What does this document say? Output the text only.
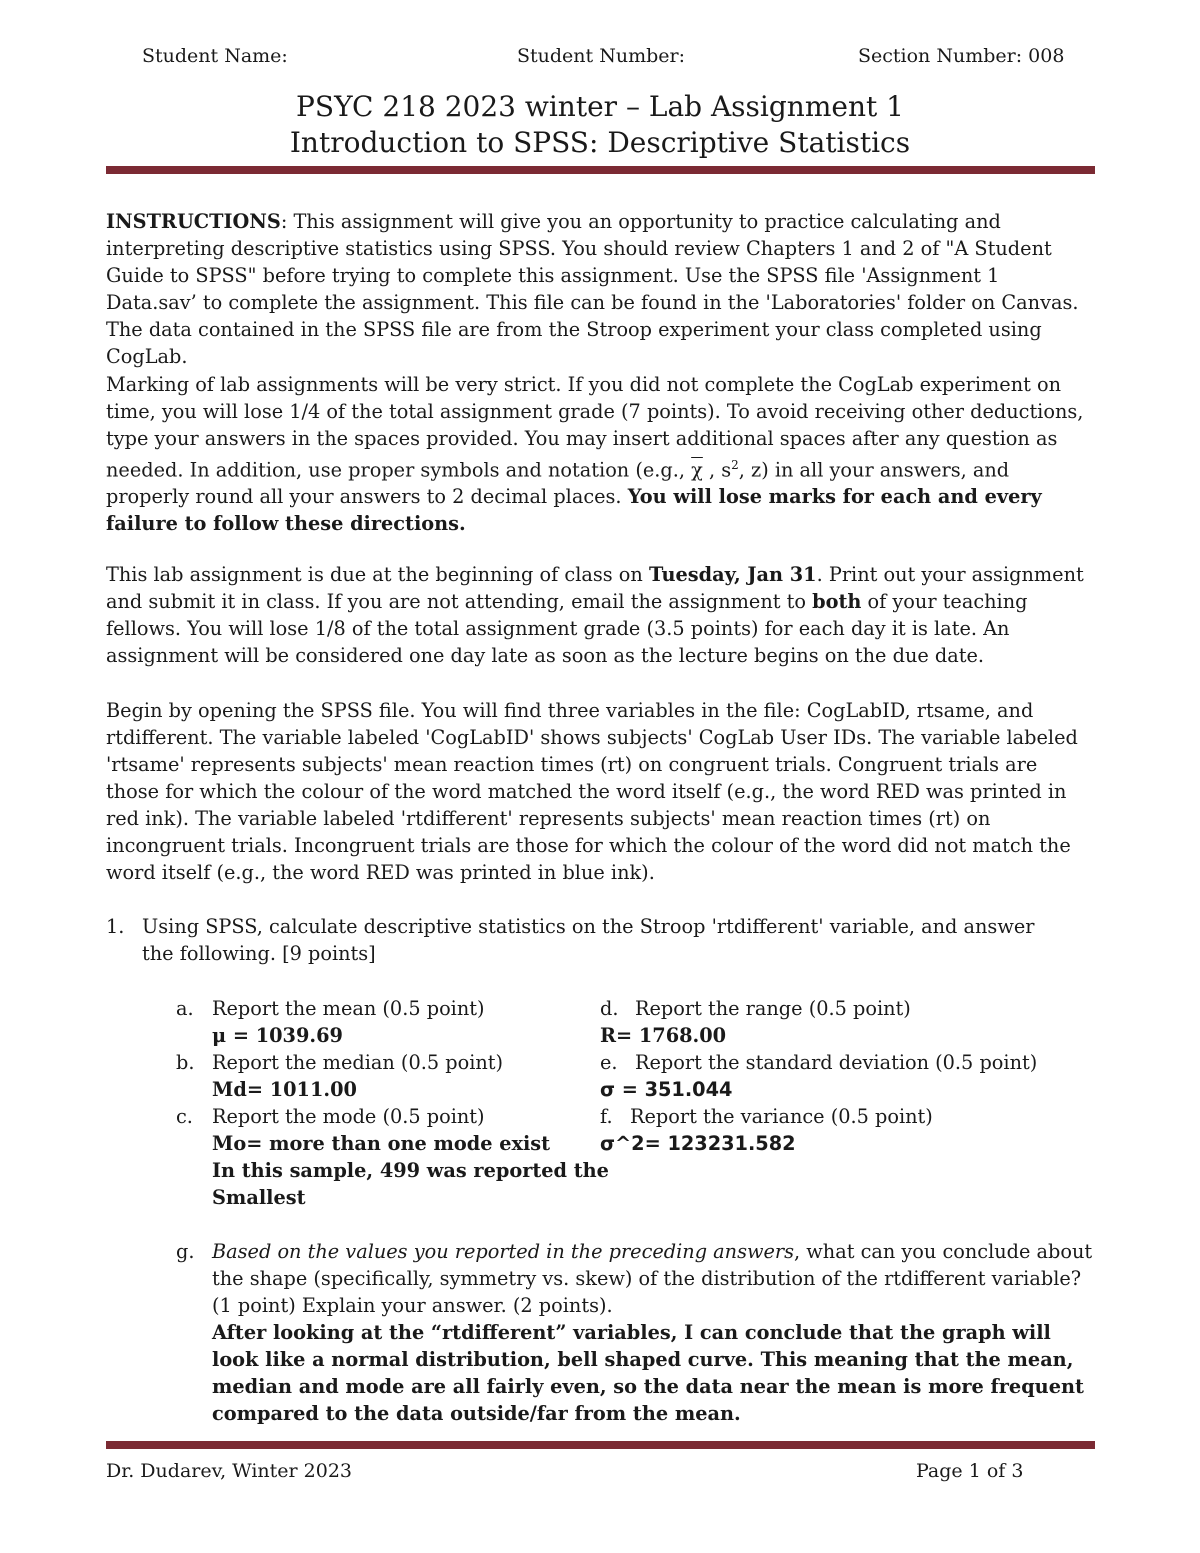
Student Name:	Student Number:	Section Number: 008
PSYC 218 2023 winter – Lab Assignment 1
Introduction to SPSS: Descriptive Statistics

INSTRUCTIONS: This assignment will give you an opportunity to practice calculating and interpreting descriptive statistics using SPSS. You should review Chapters 1 and 2 of "A Student Guide to SPSS" before trying to complete this assignment. Use the SPSS file 'Assignment 1 Data.sav’ to complete the assignment. This file can be found in the 'Laboratories' folder on Canvas. The data contained in the SPSS file are from the Stroop experiment your class completed using CogLab.

Marking of lab assignments will be very strict. If you did not complete the CogLab experiment on time, you will lose 1/4 of the total assignment grade (7 points). To avoid receiving other deductions, type your answers in the spaces provided. You may insert additional spaces after any question as needed. In addition, use proper symbols and notation (e.g., $\overline{\chi}$ , $s^2$, z) in all your answers, and properly round all your answers to 2 decimal places. You will lose marks for each and every failure to follow these directions.

This lab assignment is due at the beginning of class on Tuesday, Jan 31. Print out your assignment and submit it in class. If you are not attending, email the assignment to both of your teaching fellows. You will lose 1/8 of the total assignment grade (3.5 points) for each day it is late. An assignment will be considered one day late as soon as the lecture begins on the due date.

Begin by opening the SPSS file. You will find three variables in the file: CogLabID, rtsame, and rtdifferent. The variable labeled 'CogLabID' shows subjects' CogLab User IDs. The variable labeled 'rtsame' represents subjects' mean reaction times (rt) on congruent trials. Congruent trials are those for which the colour of the word matched the word itself (e.g., the word RED was printed in red ink). The variable labeled 'rtdifferent' represents subjects' mean reaction times (rt) on incongruent trials. Incongruent trials are those for which the colour of the word did not match the word itself (e.g., the word RED was printed in blue ink).

1. Using SPSS, calculate descriptive statistics on the Stroop 'rtdifferent' variable, and answer the following. [9 points]
a. Report the mean (0.5 point)
μ = 1039.69
b. Report the median (0.5 point)
Md= 1011.00
c. Report the mode (0.5 point)
Mo= more than one mode exist
In this sample, 499 was reported the
Smallest
d. Report the range (0.5 point)
R= 1768.00
e. Report the standard deviation (0.5 point)
σ = 351.044
f. Report the variance (0.5 point)
σ^2= 123231.582
g. Based on the values you reported in the preceding answers, what can you conclude about the shape (specifically, symmetry vs. skew) of the distribution of the rtdifferent variable? (1 point) Explain your answer. (2 points).
After looking at the “rtdifferent” variables, I can conclude that the graph will look like a normal distribution, bell shaped curve. This meaning that the mean, median and mode are all fairly even, so the data near the mean is more frequent compared to the data outside/far from the mean.
Dr. Dudarev, Winter 2023	Page 1 of 3
